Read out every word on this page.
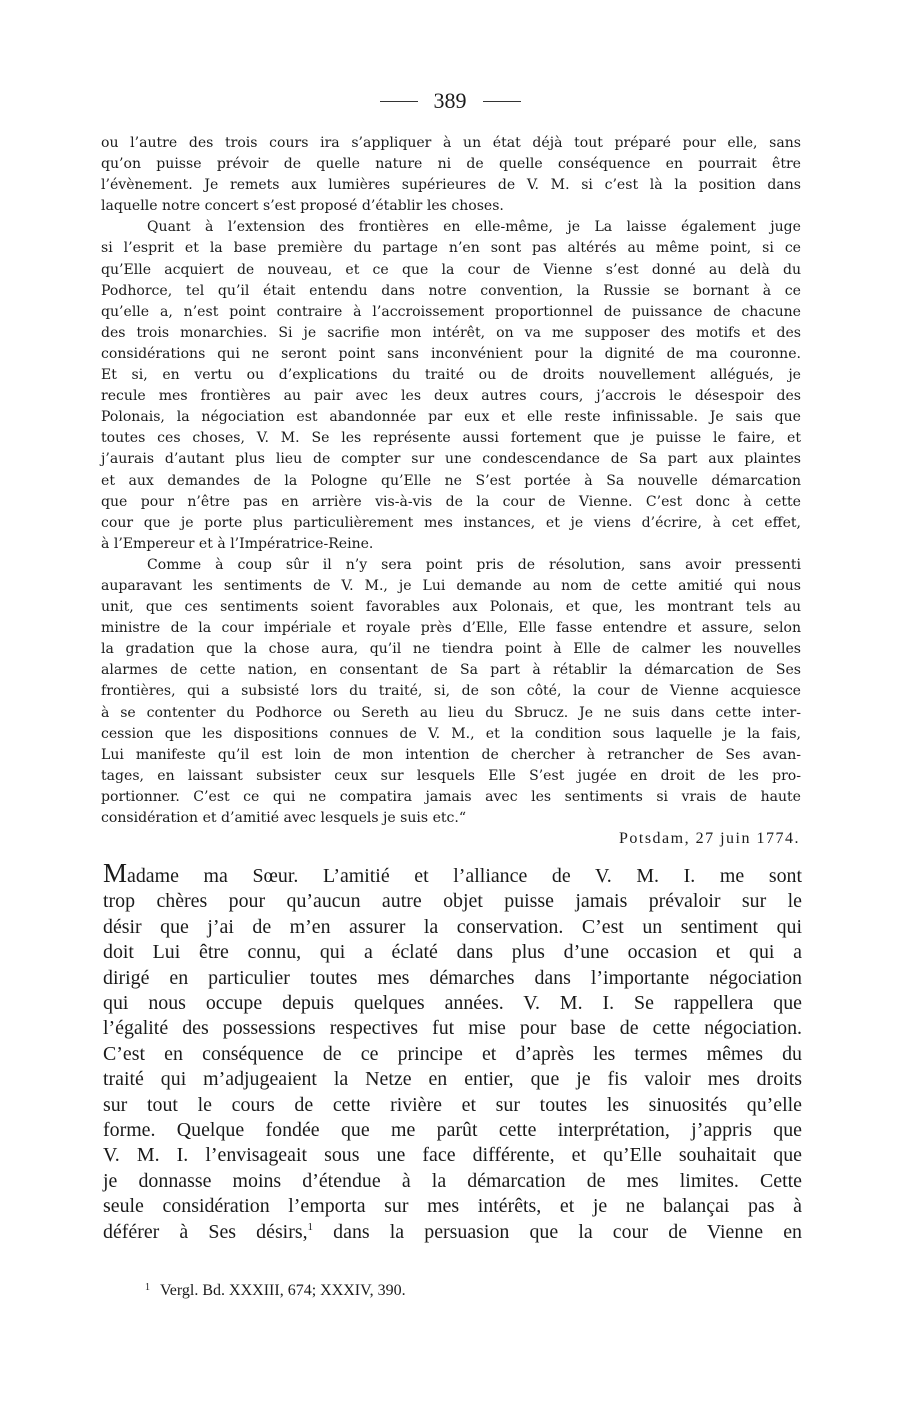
389

ou l’autre des trois cours ira s’appliquer à un état déjà tout préparé pour elle, sans

qu’on puisse prévoir de quelle nature ni de quelle conséquence en pourrait être

l’évènement. Je remets aux lumières supérieures de V. M. si c’est là la position dans

laquelle notre concert s’est proposé d’établir les choses.

Quant à l’extension des frontières en elle-même, je La laisse également juge

si l’esprit et la base première du partage n’en sont pas altérés au même point, si ce

qu’Elle acquiert de nouveau, et ce que la cour de Vienne s’est donné au delà du

Podhorce, tel qu’il était entendu dans notre convention, la Russie se bornant à ce

qu’elle a, n’est point contraire à l’accroissement proportionnel de puissance de chacune

des trois monarchies. Si je sacrifie mon intérêt, on va me supposer des motifs et des

considérations qui ne seront point sans inconvénient pour la dignité de ma couronne.

Et si, en vertu ou d’explications du traité ou de droits nouvellement allégués, je

recule mes frontières au pair avec les deux autres cours, j’accrois le désespoir des

Polonais, la négociation est abandonnée par eux et elle reste infinissable. Je sais que

toutes ces choses, V. M. Se les représente aussi fortement que je puisse le faire, et

j’aurais d’autant plus lieu de compter sur une condescendance de Sa part aux plaintes

et aux demandes de la Pologne qu’Elle ne S’est portée à Sa nouvelle démarcation

que pour n’être pas en arrière vis-à-vis de la cour de Vienne. C’est donc à cette

cour que je porte plus particulièrement mes instances, et je viens d’écrire, à cet effet,

à l’Empereur et à l’Impératrice-Reine.

Comme à coup sûr il n’y sera point pris de résolution, sans avoir pressenti

auparavant les sentiments de V. M., je Lui demande au nom de cette amitié qui nous

unit, que ces sentiments soient favorables aux Polonais, et que, les montrant tels au

ministre de la cour impériale et royale près d’Elle, Elle fasse entendre et assure, selon

la gradation que la chose aura, qu’il ne tiendra point à Elle de calmer les nouvelles

alarmes de cette nation, en consentant de Sa part à rétablir la démarcation de Ses

frontières, qui a subsisté lors du traité, si, de son côté, la cour de Vienne acquiesce

à se contenter du Podhorce ou Sereth au lieu du Sbrucz. Je ne suis dans cette inter-

cession que les dispositions connues de V. M., et la condition sous laquelle je la fais,

Lui manifeste qu’il est loin de mon intention de chercher à retrancher de Ses avan-

tages, en laissant subsister ceux sur lesquels Elle S’est jugée en droit de les pro-

portionner. C’est ce qui ne compatira jamais avec les sentiments si vrais de haute

considération et d’amitié avec lesquels je suis etc.“

Potsdam, 27 juin 1774.

Madame ma Sœur. L’amitié et l’alliance de V. M. I. me sont

trop chères pour qu’aucun autre objet puisse jamais prévaloir sur le

désir que j’ai de m’en assurer la conservation. C’est un sentiment qui

doit Lui être connu, qui a éclaté dans plus d’une occasion et qui a

dirigé en particulier toutes mes démarches dans l’importante négociation

qui nous occupe depuis quelques années. V. M. I. Se rappellera que

l’égalité des possessions respectives fut mise pour base de cette négociation.

C’est en conséquence de ce principe et d’après les termes mêmes du

traité qui m’adjugeaient la Netze en entier, que je fis valoir mes droits

sur tout le cours de cette rivière et sur toutes les sinuosités qu’elle

forme. Quelque fondée que me parût cette interprétation, j’appris que

V. M. I. l’envisageait sous une face différente, et qu’Elle souhaitait que

je donnasse moins d’étendue à la démarcation de mes limites. Cette

seule considération l’emporta sur mes intérêts, et je ne balançai pas à

déférer à Ses désirs,$^1$ dans la persuasion que la cour de Vienne en

$^1$ Vergl. Bd. XXXIII, 674; XXXIV, 390.
